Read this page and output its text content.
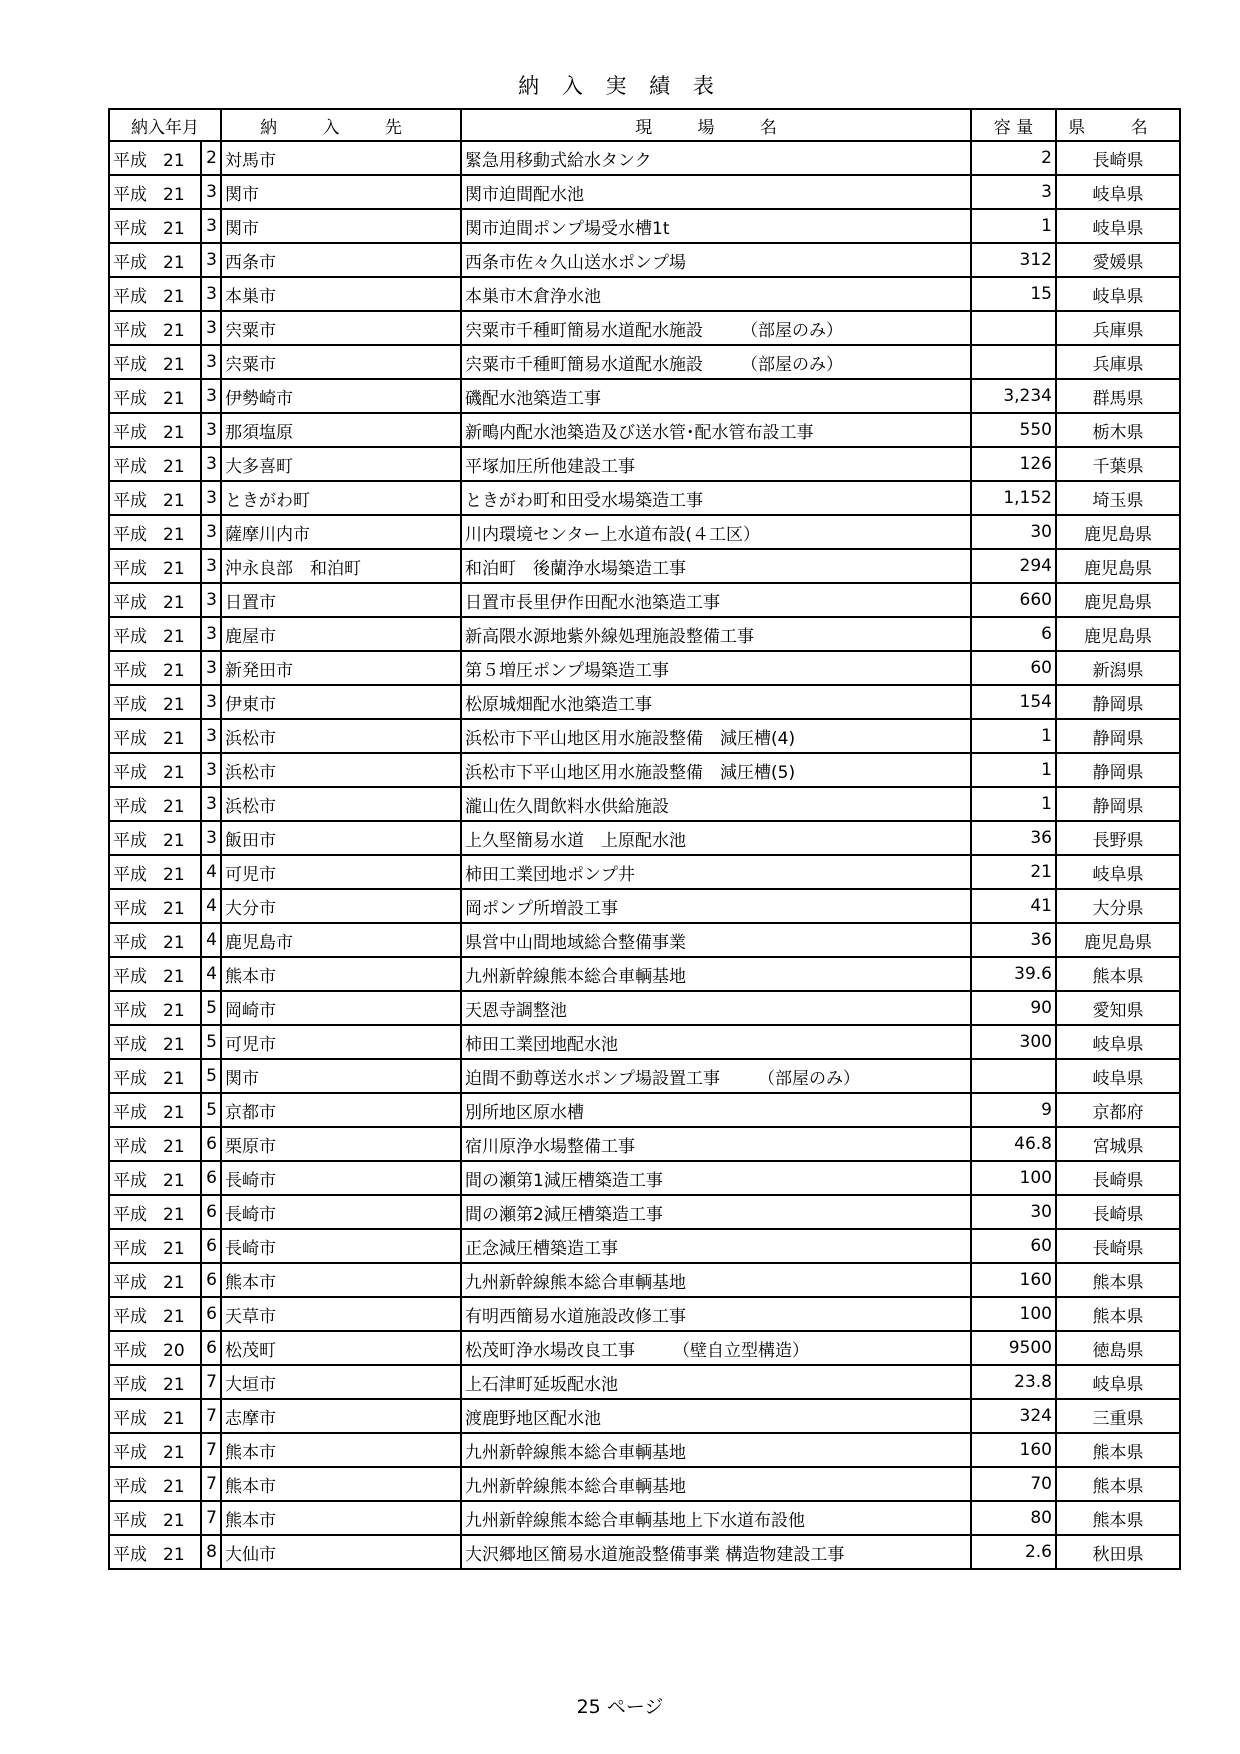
納 入 実 績 表
納入年月		納 入 先	現 場 名	容 量	県 名
平成 21	2	対馬市	緊急用移動式給水タンク	2	長崎県
平成 21	3	関市	関市迫間配水池	3	岐阜県
平成 21	3	関市	関市迫間ポンプ場受水槽1t	1	岐阜県
平成 21	3	西条市	西条市佐々久山送水ポンプ場	312	愛媛県
平成 21	3	本巣市	本巣市木倉浄水池	15	岐阜県
平成 21	3	宍粟市	宍粟市千種町簡易水道配水施設 （部屋のみ）		兵庫県
平成 21	3	宍粟市	宍粟市千種町簡易水道配水施設 （部屋のみ）		兵庫県
平成 21	3	伊勢崎市	磯配水池築造工事	3,234	群馬県
平成 21	3	那須塩原	新鴫内配水池築造及び送水管･配水管布設工事	550	栃木県
平成 21	3	大多喜町	平塚加圧所他建設工事	126	千葉県
平成 21	3	ときがわ町	ときがわ町和田受水場築造工事	1,152	埼玉県
平成 21	3	薩摩川内市	川内環境センター上水道布設(４工区）	30	鹿児島県
平成 21	3	沖永良部　和泊町	和泊町　後蘭浄水場築造工事	294	鹿児島県
平成 21	3	日置市	日置市長里伊作田配水池築造工事	660	鹿児島県
平成 21	3	鹿屋市	新高隈水源地紫外線処理施設整備工事	6	鹿児島県
平成 21	3	新発田市	第５増圧ポンプ場築造工事	60	新潟県
平成 21	3	伊東市	松原城畑配水池築造工事	154	静岡県
平成 21	3	浜松市	浜松市下平山地区用水施設整備　減圧槽(4)	1	静岡県
平成 21	3	浜松市	浜松市下平山地区用水施設整備　減圧槽(5)	1	静岡県
平成 21	3	浜松市	瀧山佐久間飲料水供給施設	1	静岡県
平成 21	3	飯田市	上久堅簡易水道　上原配水池	36	長野県
平成 21	4	可児市	柿田工業団地ポンプ井	21	岐阜県
平成 21	4	大分市	岡ポンプ所増設工事	41	大分県
平成 21	4	鹿児島市	県営中山間地域総合整備事業	36	鹿児島県
平成 21	4	熊本市	九州新幹線熊本総合車輌基地	39.6	熊本県
平成 21	5	岡崎市	天恩寺調整池	90	愛知県
平成 21	5	可児市	柿田工業団地配水池	300	岐阜県
平成 21	5	関市	迫間不動尊送水ポンプ場設置工事 （部屋のみ）		岐阜県
平成 21	5	京都市	別所地区原水槽	9	京都府
平成 21	6	栗原市	宿川原浄水場整備工事	46.8	宮城県
平成 21	6	長崎市	間の瀬第1減圧槽築造工事	100	長崎県
平成 21	6	長崎市	間の瀬第2減圧槽築造工事	30	長崎県
平成 21	6	長崎市	正念減圧槽築造工事	60	長崎県
平成 21	6	熊本市	九州新幹線熊本総合車輌基地	160	熊本県
平成 21	6	天草市	有明西簡易水道施設改修工事	100	熊本県
平成 20	6	松茂町	松茂町浄水場改良工事 （壁自立型構造）	9500	徳島県
平成 21	7	大垣市	上石津町延坂配水池	23.8	岐阜県
平成 21	7	志摩市	渡鹿野地区配水池	324	三重県
平成 21	7	熊本市	九州新幹線熊本総合車輌基地	160	熊本県
平成 21	7	熊本市	九州新幹線熊本総合車輌基地	70	熊本県
平成 21	7	熊本市	九州新幹線熊本総合車輌基地上下水道布設他	80	熊本県
平成 21	8	大仙市	大沢郷地区簡易水道施設整備事業 構造物建設工事	2.6	秋田県
25 ページ
